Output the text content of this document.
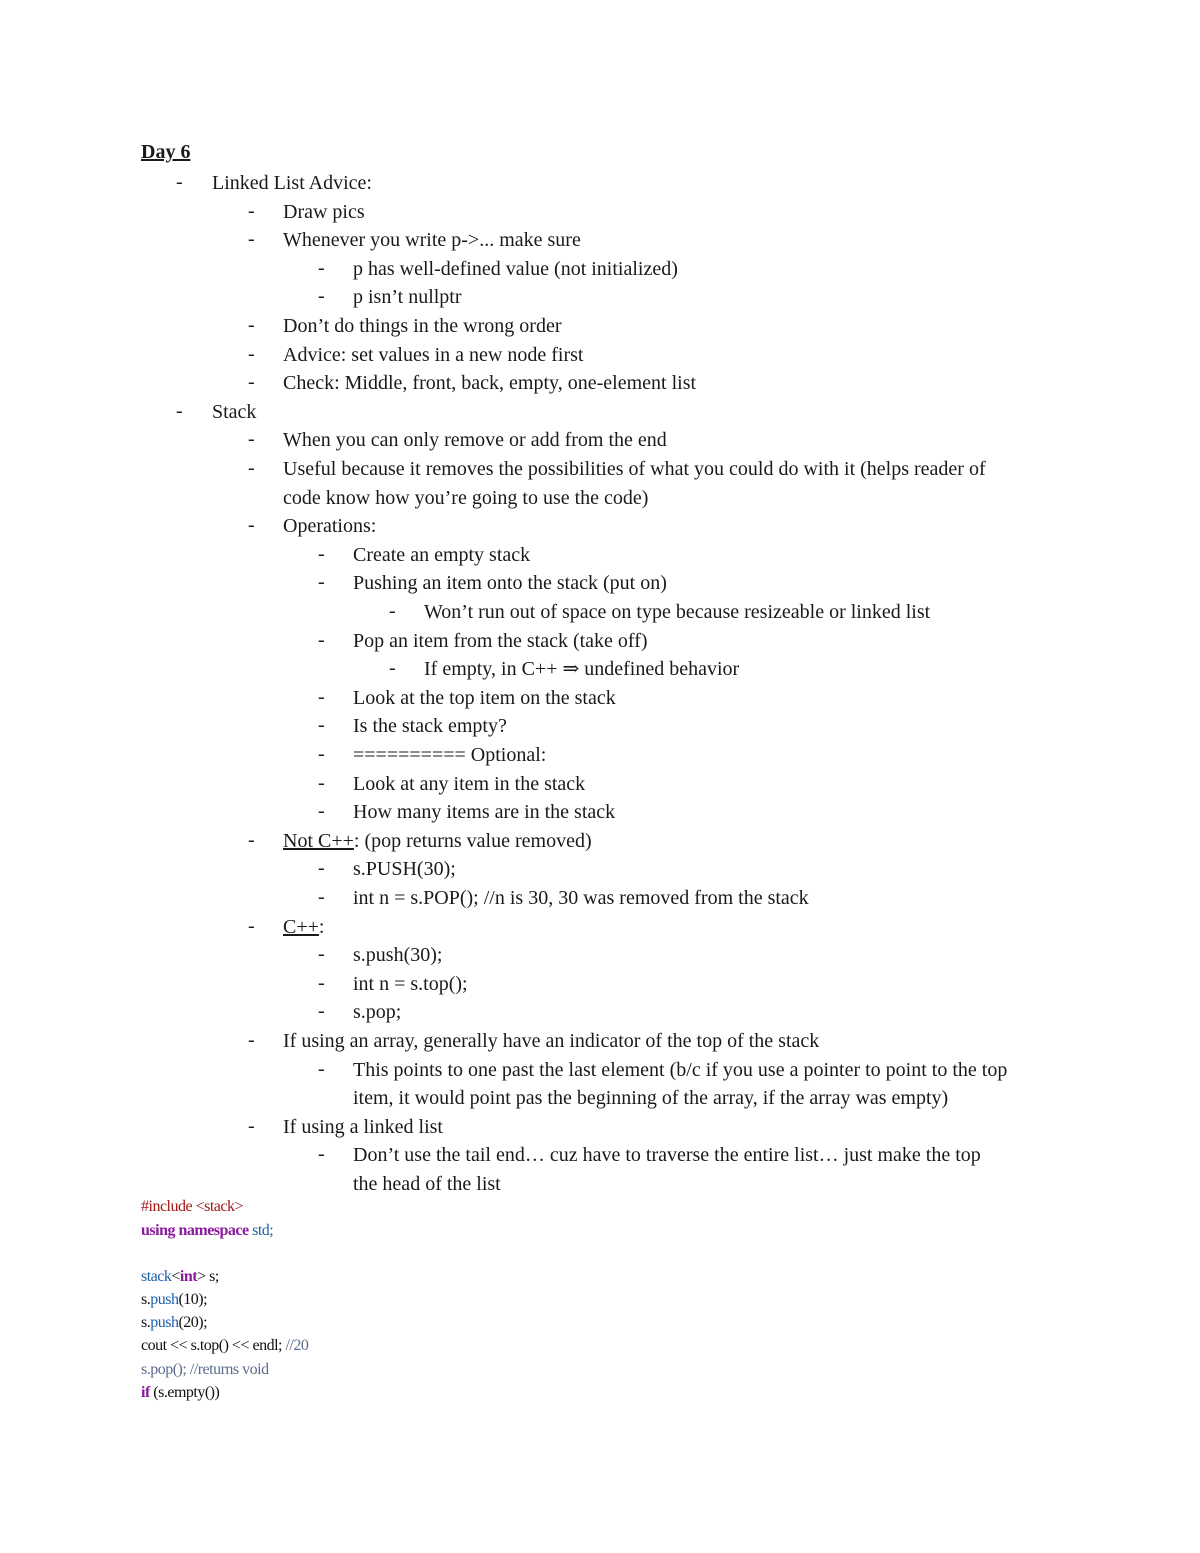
Day 6
- Linked List Advice:
- Draw pics
- Whenever you write p->... make sure
- p has well-defined value (not initialized)
- p isn’t nullptr
- Don’t do things in the wrong order
- Advice: set values in a new node first
- Check: Middle, front, back, empty, one-element list
- Stack
- When you can only remove or add from the end
- Useful because it removes the possibilities of what you could do with it (helps reader of
code know how you’re going to use the code)
- Operations:
- Create an empty stack
- Pushing an item onto the stack (put on)
- Won’t run out of space on type because resizeable or linked list
- Pop an item from the stack (take off)
- If empty, in C++ ⇒ undefined behavior
- Look at the top item on the stack
- Is the stack empty?
- ========== Optional:
- Look at any item in the stack
- How many items are in the stack
- Not C++: (pop returns value removed)
- s.PUSH(30);
- int n = s.POP(); //n is 30, 30 was removed from the stack
- C++:
- s.push(30);
- int n = s.top();
- s.pop;
- If using an array, generally have an indicator of the top of the stack
- This points to one past the last element (b/c if you use a pointer to point to the top
item, it would point pas the beginning of the array, if the array was empty)
- If using a linked list
- Don’t use the tail end… cuz have to traverse the entire list… just make the top
the head of the list
#include <stack>
using namespace std;
stack<int> s;
s.push(10);
s.push(20);
cout << s.top() << endl; //20
s.pop(); //returns void
if (s.empty())
